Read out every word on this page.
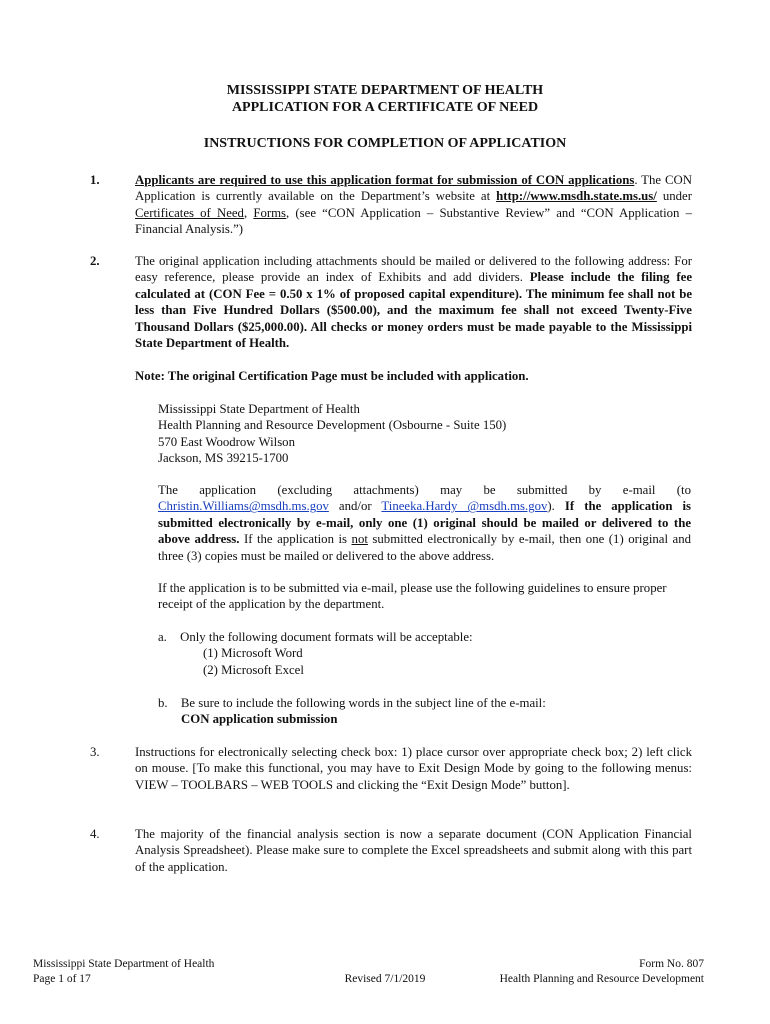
MISSISSIPPI STATE DEPARTMENT OF HEALTH
APPLICATION FOR A CERTIFICATE OF NEED
INSTRUCTIONS FOR COMPLETION OF APPLICATION
1.	Applicants are required to use this application format for submission of CON applications. The CON Application is currently available on the Department’s website at http://www.msdh.state.ms.us/ under Certificates of Need, Forms, (see “CON Application – Substantive Review” and “CON Application – Financial Analysis.”)
2.	The original application including attachments should be mailed or delivered to the following address: For easy reference, please provide an index of Exhibits and add dividers. Please include the filing fee calculated at (CON Fee = 0.50 x 1% of proposed capital expenditure). The minimum fee shall not be less than Five Hundred Dollars ($500.00), and the maximum fee shall not exceed Twenty-Five Thousand Dollars ($25,000.00). All checks or money orders must be made payable to the Mississippi State Department of Health.
Note: The original Certification Page must be included with application.
Mississippi State Department of Health
Health Planning and Resource Development (Osbourne - Suite 150)
570 East Woodrow Wilson
Jackson, MS 39215-1700
The application (excluding attachments) may be submitted by e-mail (to Christin.Williams@msdh.ms.gov and/or Tineeka.Hardy @msdh.ms.gov). If the application is submitted electronically by e-mail, only one (1) original should be mailed or delivered to the above address. If the application is not submitted electronically by e-mail, then one (1) original and three (3) copies must be mailed or delivered to the above address.
If the application is to be submitted via e-mail, please use the following guidelines to ensure proper receipt of the application by the department.
a. Only the following document formats will be acceptable:
(1) Microsoft Word
(2) Microsoft Excel
b. Be sure to include the following words in the subject line of the e-mail:
CON application submission
3.	Instructions for electronically selecting check box: 1) place cursor over appropriate check box; 2) left click on mouse. [To make this functional, you may have to Exit Design Mode by going to the following menus: VIEW – TOOLBARS – WEB TOOLS and clicking the “Exit Design Mode” button].
4.	The majority of the financial analysis section is now a separate document (CON Application Financial Analysis Spreadsheet). Please make sure to complete the Excel spreadsheets and submit along with this part of the application.
Mississippi State Department of Health
Page 1 of 17
	Revised 7/1/2019
Form No. 807
Health Planning and Resource Development
